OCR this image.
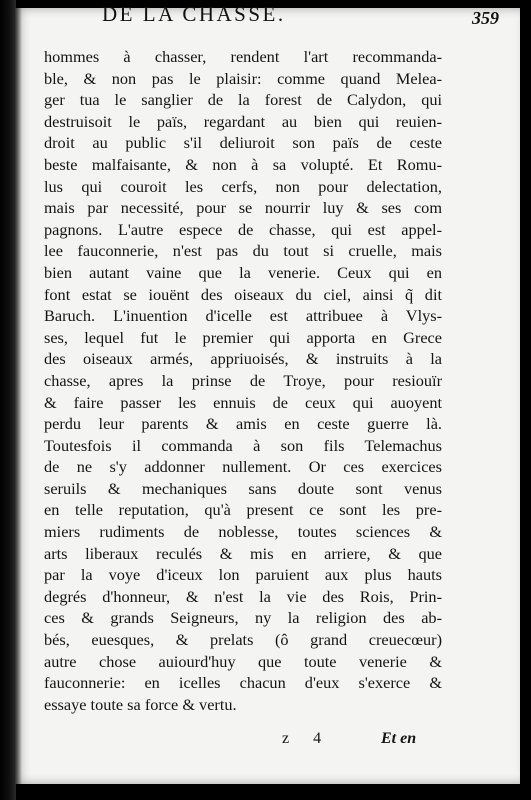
DE LA CHASSE.	359
hommes à chasser, rendent l'art recommanda-
ble, & non pas le plaisir: comme quand Melea-
ger tua le sanglier de la forest de Calydon, qui
destruisoit le païs, regardant au bien qui reuien-
droit au public s'il deliuroit son païs de ceste
beste malfaisante, & non à sa volupté. Et Romu-
lus qui couroit les cerfs, non pour delectation,
mais par necessité, pour se nourrir luy & ses com
pagnons. L'autre espece de chasse, qui est appel-
lee fauconnerie, n'est pas du tout si cruelle, mais
bien autant vaine que la venerie. Ceux qui en
font estat se iouënt des oiseaux du ciel, ainsi q̃ dit
Baruch. L'inuention d'icelle est attribuee à Vlys-
ses, lequel fut le premier qui apporta en Grece
des oiseaux armés, appriuoisés, & instruits à la
chasse, apres la prinse de Troye, pour resiouïr
& faire passer les ennuis de ceux qui auoyent
perdu leur parents & amis en ceste guerre là.
Toutesfois il commanda à son fils Telemachus
de ne s'y addonner nullement. Or ces exercices
seruils & mechaniques sans doute sont venus
en telle reputation, qu'à present ce sont les pre-
miers rudiments de noblesse, toutes sciences &
arts liberaux reculés & mis en arriere, & que
par la voye d'iceux lon paruient aux plus hauts
degrés d'honneur, & n'est la vie des Rois, Prin-
ces & grands Seigneurs, ny la religion des ab-
bés, euesques, & prelats (ô grand creuecœur)
autre chose auiourd'huy que toute venerie &
fauconnerie: en icelles chacun d'eux s'exerce &
essaye toute sa force & vertu.
z 4	Et en
